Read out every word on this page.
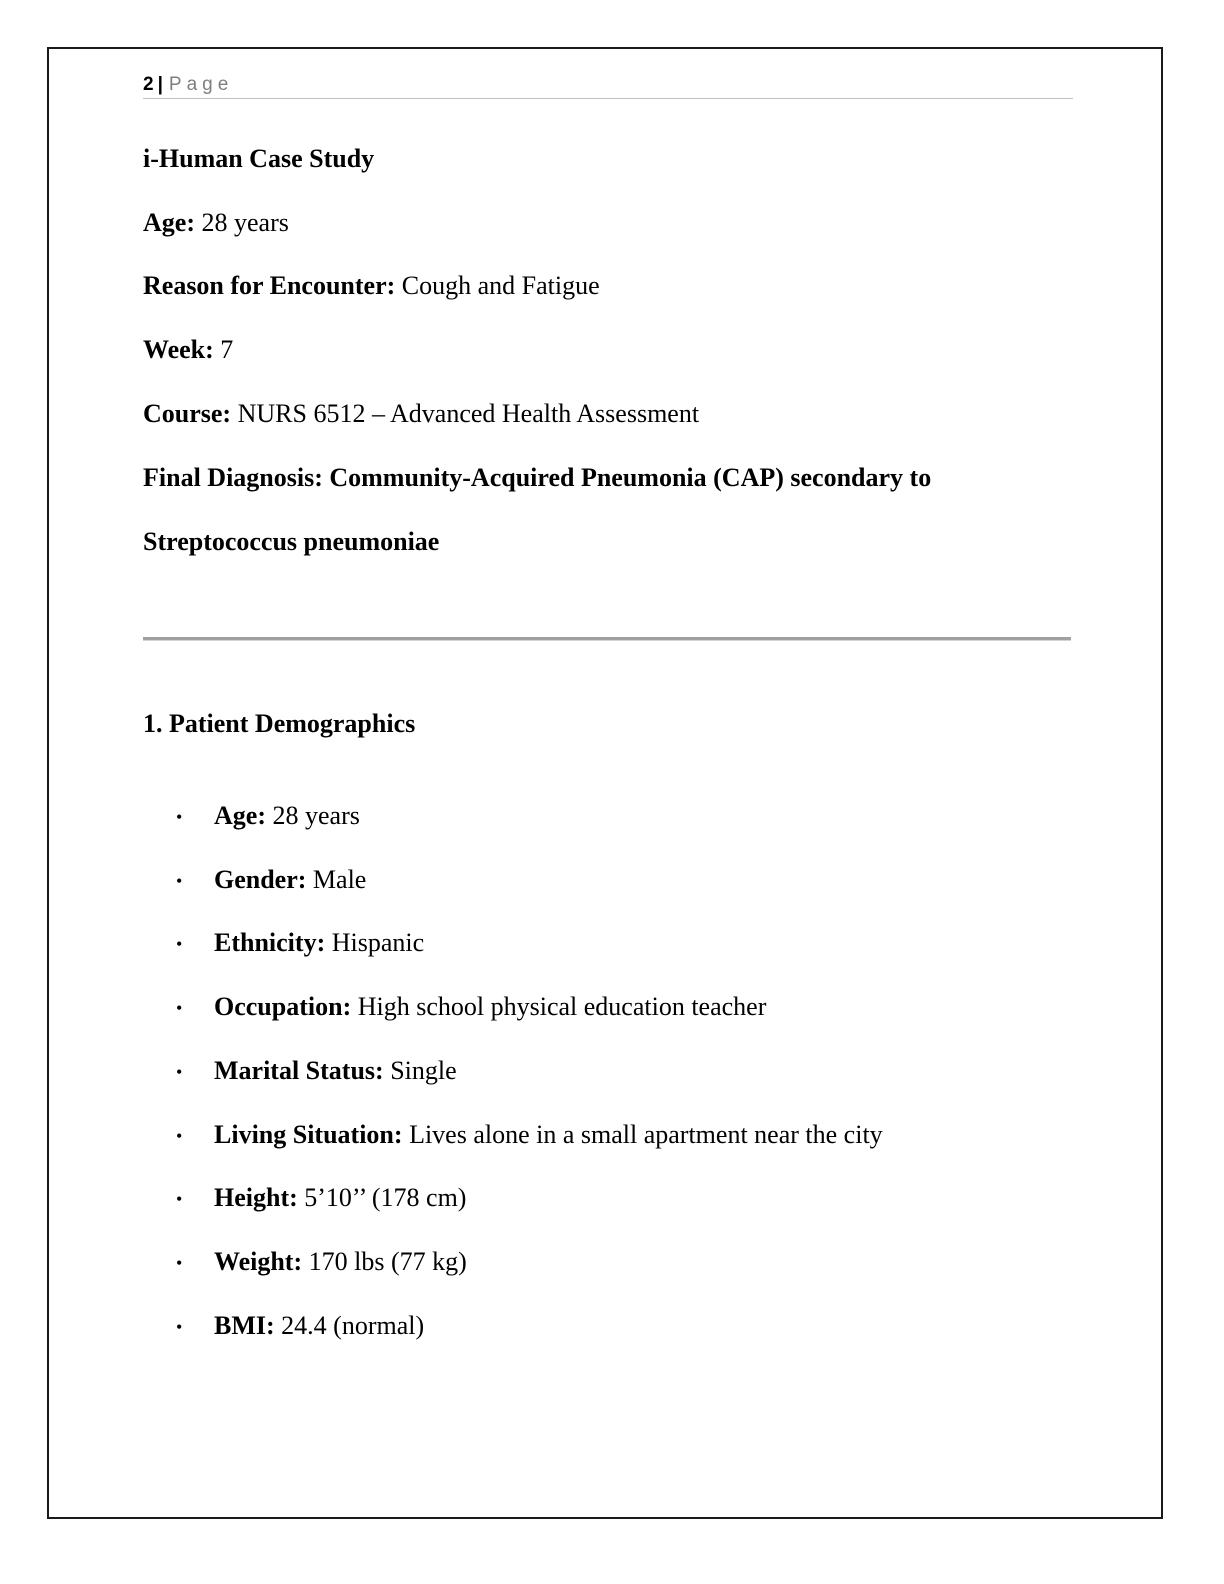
2 | Page
i-Human Case Study
Age: 28 years
Reason for Encounter: Cough and Fatigue
Week: 7
Course: NURS 6512 – Advanced Health Assessment
Final Diagnosis: Community-Acquired Pneumonia (CAP) secondary to
Streptococcus pneumoniae
1. Patient Demographics
• Age: 28 years
• Gender: Male
• Ethnicity: Hispanic
• Occupation: High school physical education teacher
• Marital Status: Single
• Living Situation: Lives alone in a small apartment near the city
• Height: 5’10’’ (178 cm)
• Weight: 170 lbs (77 kg)
• BMI: 24.4 (normal)
